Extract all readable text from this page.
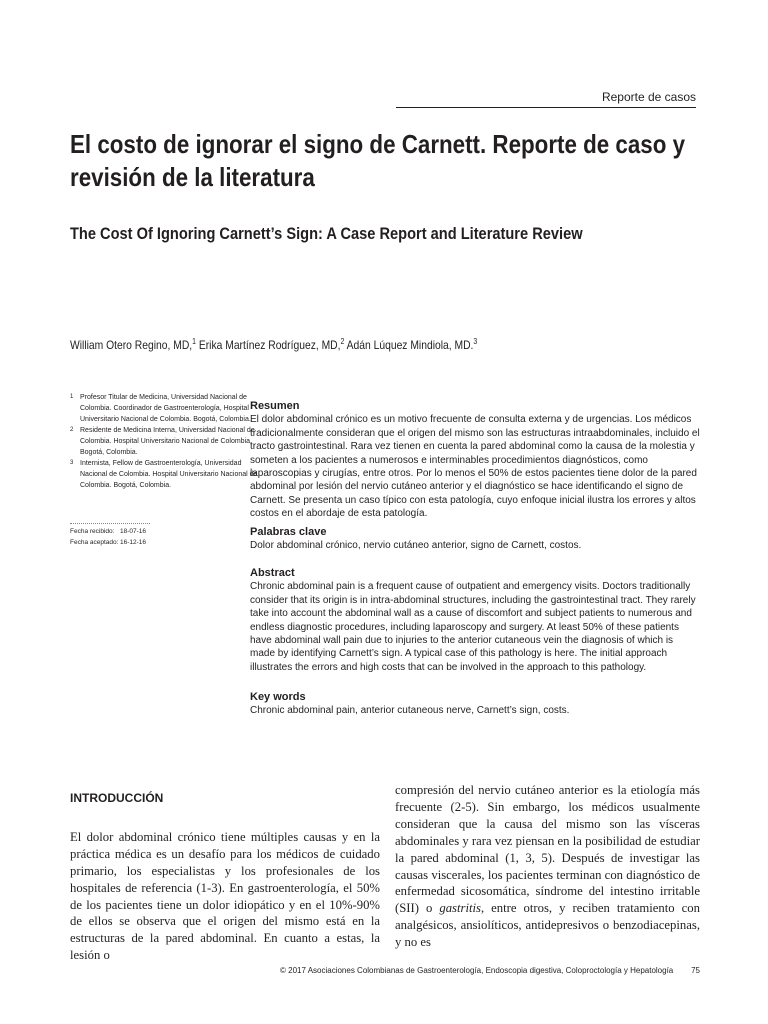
Reporte de casos
El costo de ignorar el signo de Carnett. Reporte de caso y revisión de la literatura
The Cost Of Ignoring Carnett’s Sign: A Case Report and Literature Review
William Otero Regino, MD,$^1$ Erika Martínez Rodríguez, MD,$^2$ Adán Lúquez Mindiola, MD.$^3$
1 Profesor Titular de Medicina, Universidad Nacional de Colombia. Coordinador de Gastroenterología, Hospital Universitario Nacional de Colombia. Bogotá, Colombia.
2 Residente de Medicina Interna, Universidad Nacional de Colombia. Hospital Universitario Nacional de Colombia. Bogotá, Colombia.
3 Internista, Fellow de Gastroenterología, Universidad Nacional de Colombia. Hospital Universitario Nacional de Colombia. Bogotá, Colombia.
Fecha recibido: 18-07-16
Fecha aceptado: 16-12-16
Resumen
El dolor abdominal crónico es un motivo frecuente de consulta externa y de urgencias. Los médicos tradicionalmente consideran que el origen del mismo son las estructuras intraabdominales, incluido el tracto gastrointestinal. Rara vez tienen en cuenta la pared abdominal como la causa de la molestia y someten a los pacientes a numerosos e interminables procedimientos diagnósticos, como laparoscopias y cirugías, entre otros. Por lo menos el 50% de estos pacientes tiene dolor de la pared abdominal por lesión del nervio cutáneo anterior y el diagnóstico se hace identificando el signo de Carnett. Se presenta un caso típico con esta patología, cuyo enfoque inicial ilustra los errores y altos costos en el abordaje de esta patología.
Palabras clave
Dolor abdominal crónico, nervio cutáneo anterior, signo de Carnett, costos.
Abstract
Chronic abdominal pain is a frequent cause of outpatient and emergency visits. Doctors traditionally consider that its origin is in intra-abdominal structures, including the gastrointestinal tract. They rarely take into account the abdominal wall as a cause of discomfort and subject patients to numerous and endless diagnostic procedures, including laparoscopy and surgery. At least 50% of these patients have abdominal wall pain due to injuries to the anterior cutaneous vein the diagnosis of which is made by identifying Carnett’s sign. A typical case of this pathology is here. The initial approach illustrates the errors and high costs that can be involved in the approach to this pathology.
Key words
Chronic abdominal pain, anterior cutaneous nerve, Carnett’s sign, costs.
INTRODUCCIÓN

El dolor abdominal crónico tiene múltiples causas y en la práctica médica es un desafío para los médicos de cuidado primario, los especialistas y los profesionales de los hospitales de referencia (1-3). En gastroenterología, el 50% de los pacientes tiene un dolor idiopático y en el 10%-90% de ellos se observa que el origen del mismo está en la estructuras de la pared abdominal. En cuanto a estas, la lesión o

compresión del nervio cutáneo anterior es la etiología más frecuente (2-5). Sin embargo, los médicos usualmente consideran que la causa del mismo son las vísceras abdominales y rara vez piensan en la posibilidad de estudiar la pared abdominal (1, 3, 5). Después de investigar las causas viscerales, los pacientes terminan con diagnóstico de enfermedad sicosomática, síndrome del intestino irritable (SII) o gastritis, entre otros, y reciben tratamiento con analgésicos, ansiolíticos, antidepresivos o benzodiacepinas, y no es

© 2017 Asociaciones Colombianas de Gastroenterología, Endoscopia digestiva, Coloproctología y Hepatología 75
